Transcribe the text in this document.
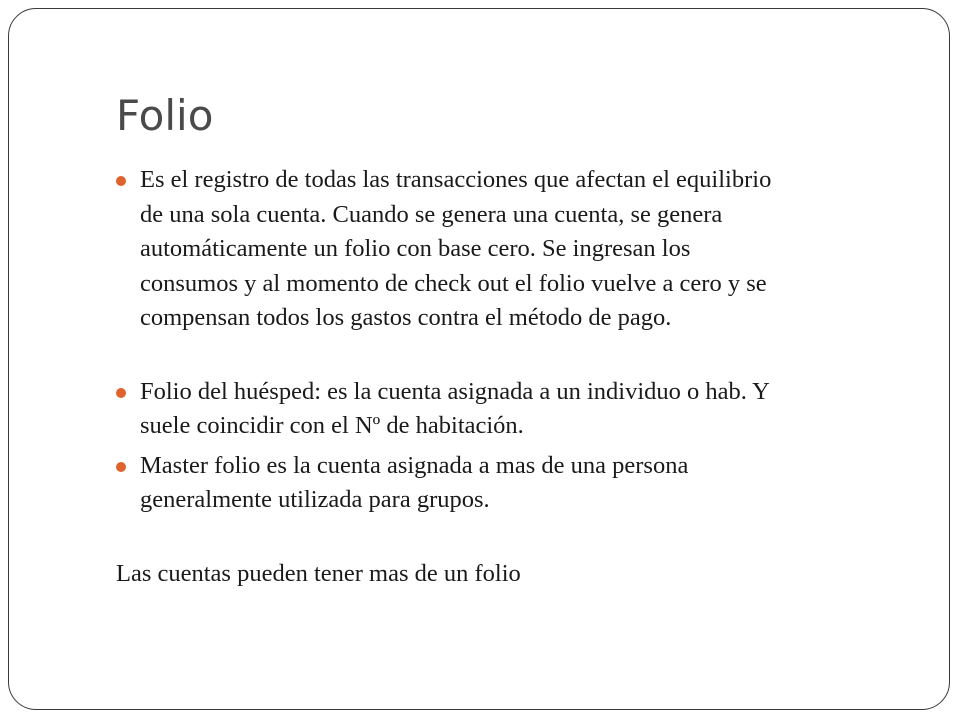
Folio
Es el registro de todas las transacciones que afectan el equilibrio
de una sola cuenta. Cuando se genera una cuenta, se genera
automáticamente un folio con base cero. Se ingresan los
consumos y al momento de check out el folio vuelve a cero y se
compensan todos los gastos contra el método de pago.
Folio del huésped: es la cuenta asignada a un individuo o hab. Y
suele coincidir con el Nº de habitación.
Master folio es la cuenta asignada a mas de una persona
generalmente utilizada para grupos.

Las cuentas pueden tener mas de un folio
